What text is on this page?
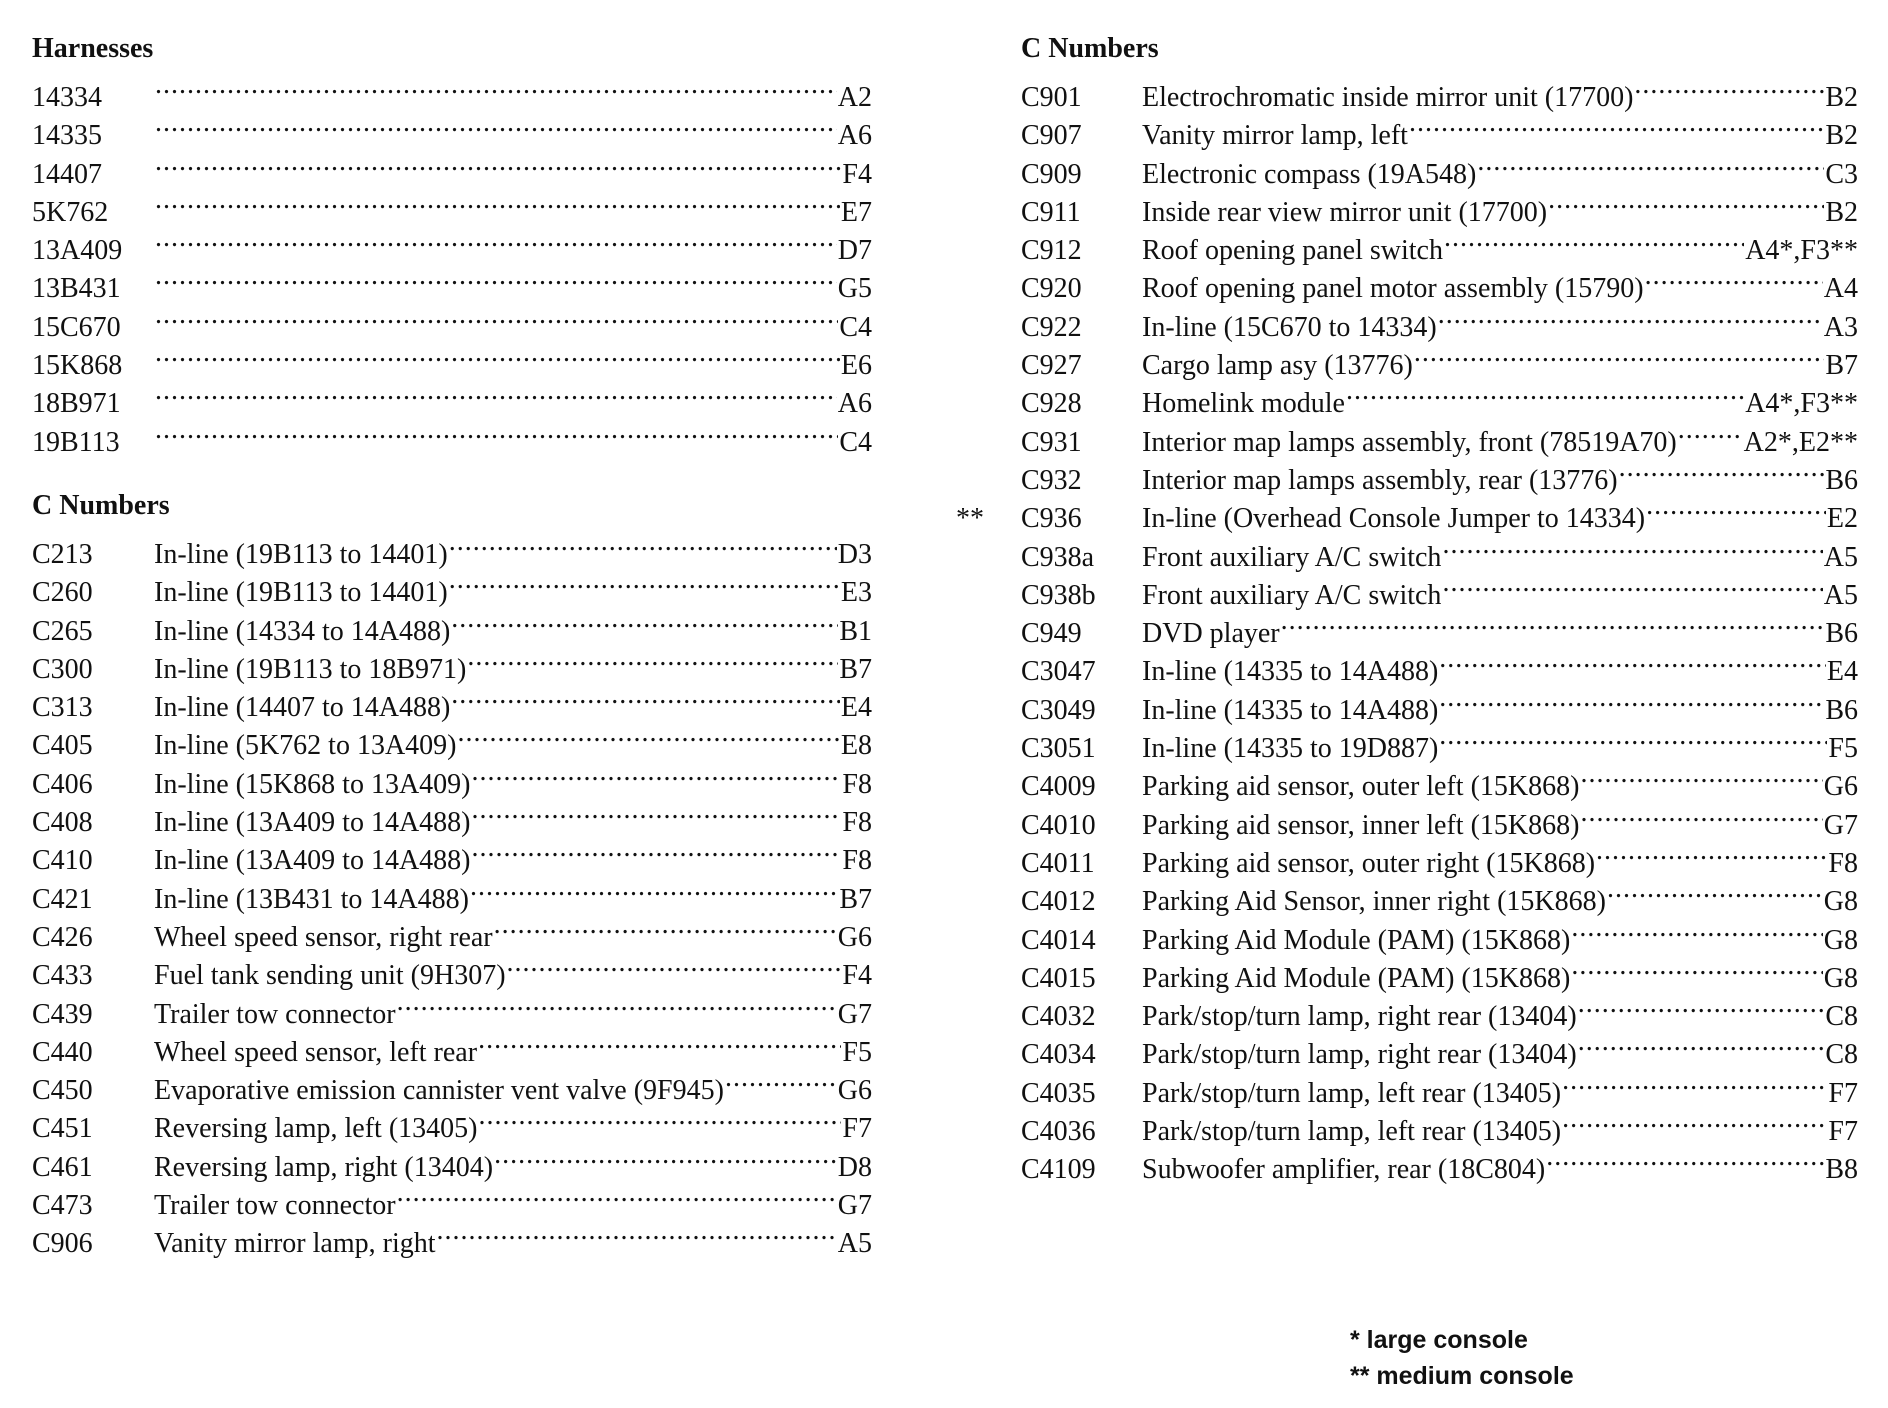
Harnesses
14334 .....	A2
14335 .....	A6
14407 .....	F4
5K762 .....	E7
13A409 .....	D7
13B431 .....	G5
15C670 .....	C4
15K868 .....	E6
18B971 .....	A6
19B113 .....	C4
C Numbers
C213	In-line (19B113 to 14401) .....	D3
C260	In-line (19B113 to 14401) .....	E3
C265	In-line (14334 to 14A488) .....	B1
C300	In-line (19B113 to 18B971) .....	B7
C313	In-line (14407 to 14A488) .....	E4
C405	In-line (5K762 to 13A409) .....	E8
C406	In-line (15K868 to 13A409) .....	F8
C408	In-line (13A409 to 14A488) .....	F8
C410	In-line (13A409 to 14A488) .....	F8
C421	In-line (13B431 to 14A488) .....	B7
C426	Wheel speed sensor, right rear .....	G6
C433	Fuel tank sending unit (9H307) .....	F4
C439	Trailer tow connector .....	G7
C440	Wheel speed sensor, left rear .....	F5
C450	Evaporative emission cannister vent valve (9F945) .....	G6
C451	Reversing lamp, left (13405) .....	F7
C461	Reversing lamp, right (13404) .....	D8
C473	Trailer tow connector .....	G7
C906	Vanity mirror lamp, right .....	A5
C Numbers
C901	Electrochromatic inside mirror unit (17700) .....	B2
C907	Vanity mirror lamp, left .....	B2
C909	Electronic compass (19A548) .....	C3
C911	Inside rear view mirror unit (17700) .....	B2
C912	Roof opening panel switch .....	A4*,F3**
C920	Roof opening panel motor assembly (15790) .....	A4
C922	In-line (15C670 to 14334) .....	A3
C927	Cargo lamp asy (13776) .....	B7
C928	Homelink module .....	A4*,F3**
C931	Interior map lamps assembly, front (78519A70) ..... A2*,E2**
C932	Interior map lamps assembly, rear (13776) .....	B6
** C936	In-line (Overhead Console Jumper to 14334) .....	E2
C938a	Front auxiliary A/C switch .....	A5
C938b	Front auxiliary A/C switch .....	A5
C949	DVD player .....	B6
C3047	In-line (14335 to 14A488) .....	E4
C3049	In-line (14335 to 14A488) .....	B6
C3051	In-line (14335 to 19D887) .....	F5
C4009	Parking aid sensor, outer left (15K868) .....	G6
C4010	Parking aid sensor, inner left (15K868) .....	G7
C4011	Parking aid sensor, outer right (15K868) .....	F8
C4012	Parking Aid Sensor, inner right (15K868) .....	G8
C4014	Parking Aid Module (PAM) (15K868) .....	G8
C4015	Parking Aid Module (PAM) (15K868) .....	G8
C4032	Park/stop/turn lamp, right rear (13404) .....	C8
C4034	Park/stop/turn lamp, right rear (13404) .....	C8
C4035	Park/stop/turn lamp, left rear (13405) .....	F7
C4036	Park/stop/turn lamp, left rear (13405) .....	F7
C4109	Subwoofer amplifier, rear (18C804) .....	B8
* large console
** medium console
